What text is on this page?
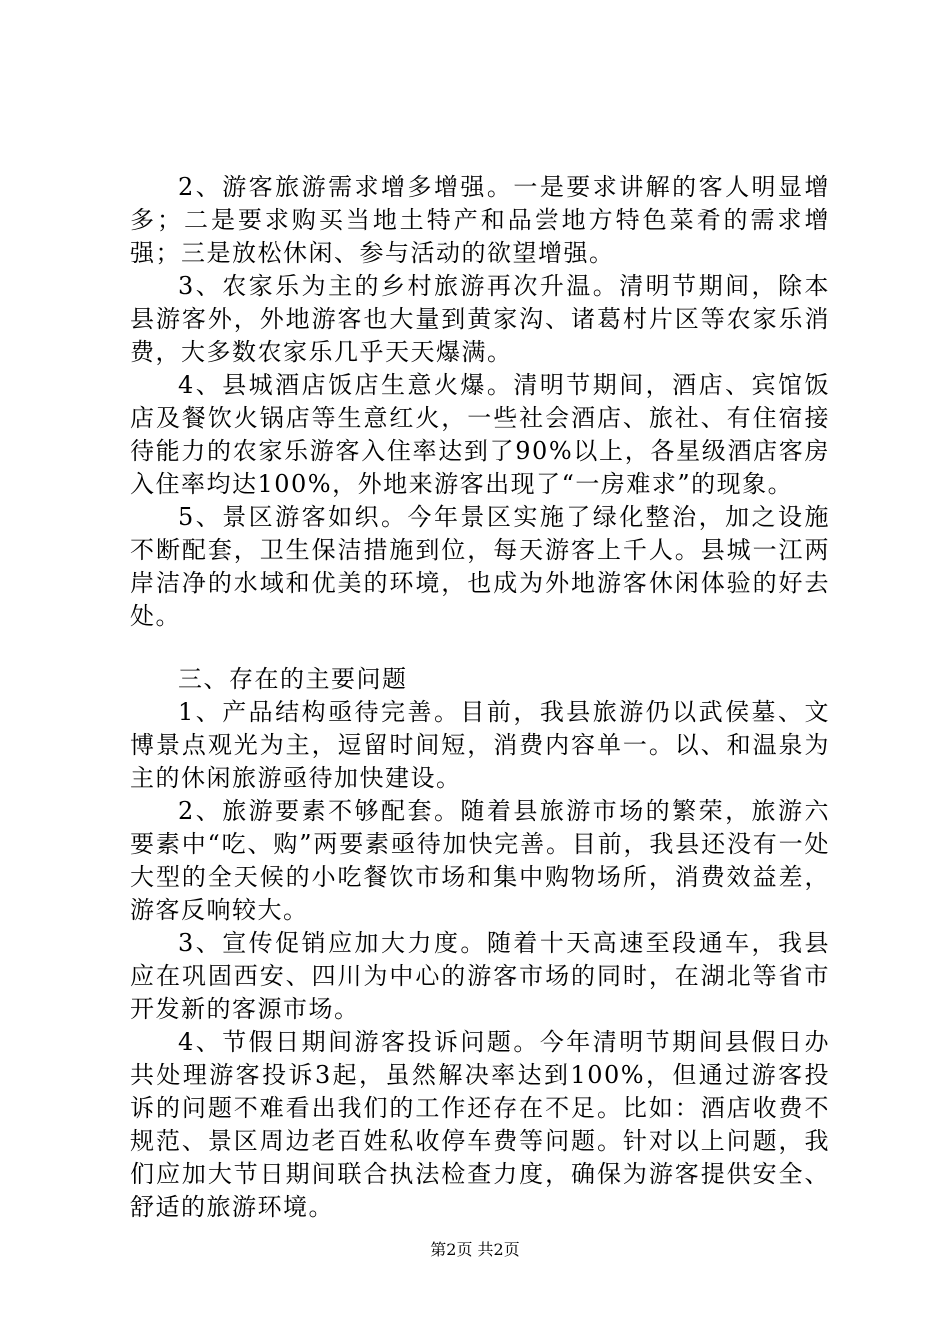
2、游客旅游需求增多增强。一是要求讲解的客人明显增多；二是要求购买当地土特产和品尝地方特色菜肴的需求增强；三是放松休闲、参与活动的欲望增强。

3、农家乐为主的乡村旅游再次升温。清明节期间，除本县游客外，外地游客也大量到黄家沟、诸葛村片区等农家乐消费，大多数农家乐几乎天天爆满。

4、县城酒店饭店生意火爆。清明节期间，酒店、宾馆饭店及餐饮火锅店等生意红火，一些社会酒店、旅社、有住宿接待能力的农家乐游客入住率达到了90%以上，各星级酒店客房入住率均达100%，外地来游客出现了“一房难求”的现象。

5、景区游客如织。今年景区实施了绿化整治，加之设施不断配套，卫生保洁措施到位，每天游客上千人。县城一江两岸洁净的水域和优美的环境，也成为外地游客休闲体验的好去处。

三、存在的主要问题

1、产品结构亟待完善。目前，我县旅游仍以武侯墓、文博景点观光为主，逗留时间短，消费内容单一。以、和温泉为主的休闲旅游亟待加快建设。

2、旅游要素不够配套。随着县旅游市场的繁荣，旅游六要素中“吃、购”两要素亟待加快完善。目前，我县还没有一处大型的全天候的小吃餐饮市场和集中购物场所，消费效益差，游客反响较大。

3、宣传促销应加大力度。随着十天高速至段通车，我县应在巩固西安、四川为中心的游客市场的同时，在湖北等省市开发新的客源市场。

4、节假日期间游客投诉问题。今年清明节期间县假日办共处理游客投诉3起，虽然解决率达到100%，但通过游客投诉的问题不难看出我们的工作还存在不足。比如：酒店收费不规范、景区周边老百姓私收停车费等问题。针对以上问题，我们应加大节日期间联合执法检查力度，确保为游客提供安全、舒适的旅游环境。

第2页 共2页
